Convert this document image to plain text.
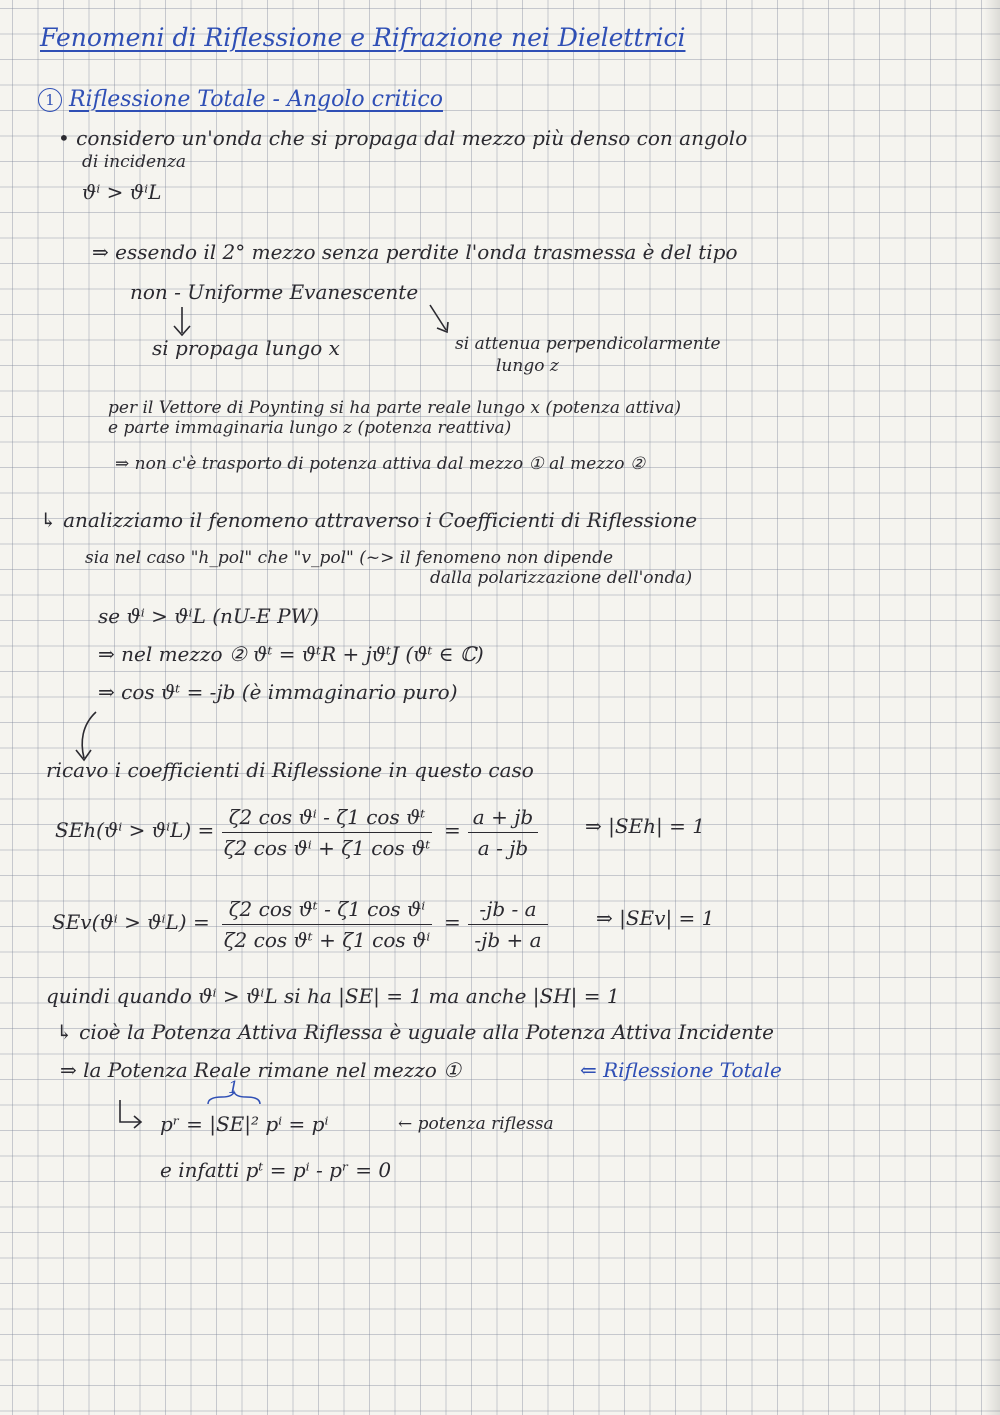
Fenomeni di Riflessione e Rifrazione nei Dielettrici
1 Riflessione Totale - Angolo critico
• considero un'onda che si propaga dal mezzo più denso con angolo
di incidenza
ϑⁱ > ϑⁱL
⇒ essendo il 2° mezzo senza perdite l'onda trasmessa è del tipo
non - Uniforme Evanescente
si propaga lungo x	si attenua perpendicolarmente
lungo z
per il Vettore di Poynting si ha parte reale lungo x (potenza attiva)
e parte immaginaria lungo z (potenza reattiva)
⇒ non c'è trasporto di potenza attiva dal mezzo ① al mezzo ②
↳ analizziamo il fenomeno attraverso i Coefficienti di Riflessione
sia nel caso "h_pol" che "v_pol" (~> il fenomeno non dipende
dalla polarizzazione dell'onda)
se ϑⁱ > ϑⁱL (nU-E PW)
⇒ nel mezzo ② ϑᵗ = ϑᵗR + jϑᵗJ (ϑᵗ ∈ ℂ)
⇒ cos ϑᵗ = -jb (è immaginario puro)
ricavo i coefficienti di Riflessione in questo caso
SEh(ϑⁱ > ϑⁱL) =
ζ2 cos ϑⁱ - ζ1 cos ϑᵗ
ζ2 cos ϑⁱ + ζ1 cos ϑᵗ
=
a + jb
a - jb
⇒ |SEh| = 1
SEv(ϑⁱ > ϑⁱL) =
ζ2 cos ϑᵗ - ζ1 cos ϑⁱ
ζ2 cos ϑᵗ + ζ1 cos ϑⁱ
=
-jb - a
-jb + a
⇒ |SEv| = 1
quindi quando ϑⁱ > ϑⁱL si ha |SE| = 1 ma anche |SH| = 1
↳ cioè la Potenza Attiva Riflessa è uguale alla Potenza Attiva Incidente
⇒ la Potenza Reale rimane nel mezzo ①	⇐ Riflessione Totale
1
pʳ = |SE|² pⁱ = pⁱ	← potenza riflessa
e infatti pᵗ = pⁱ - pʳ = 0
